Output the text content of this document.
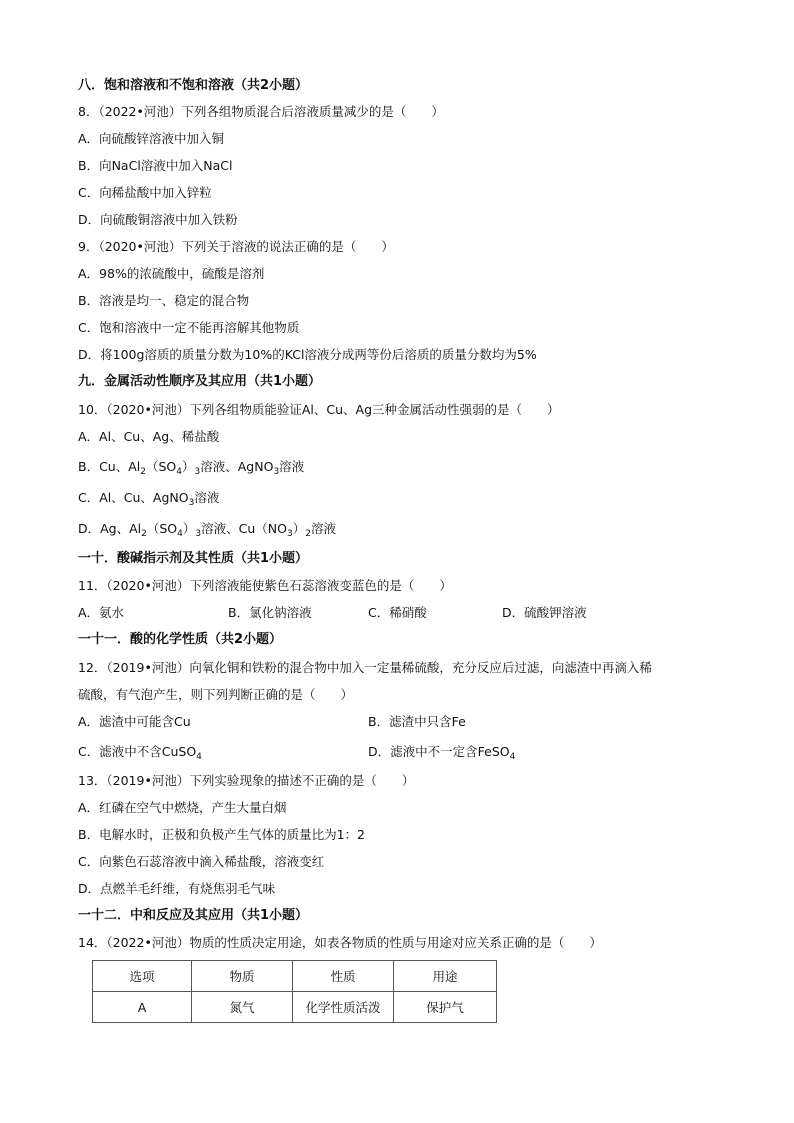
八．饱和溶液和不饱和溶液（共2小题）
8．（2022•河池）下列各组物质混合后溶液质量减少的是（　　）
A．向硫酸锌溶液中加入铜
B．向NaCl溶液中加入NaCl
C．向稀盐酸中加入锌粒
D．向硫酸铜溶液中加入铁粉
9．（2020•河池）下列关于溶液的说法正确的是（　　）
A．98%的浓硫酸中，硫酸是溶剂
B．溶液是均一、稳定的混合物
C．饱和溶液中一定不能再溶解其他物质
D．将100g溶质的质量分数为10%的KCl溶液分成两等份后溶质的质量分数均为5%
九．金属活动性顺序及其应用（共1小题）
10．（2020•河池）下列各组物质能验证Al、Cu、Ag三种金属活动性强弱的是（　　）
A．Al、Cu、Ag、稀盐酸
B．Cu、$Al_2(SO_4)_3$溶液、AgNO$_3$溶液
C．Al、Cu、AgNO$_3$溶液
D．Ag、$Al_2(SO_4)_3$溶液、$Cu(NO_3)_2$溶液
一十．酸碱指示剂及其性质（共1小题）
11．（2020•河池）下列溶液能使紫色石蕊溶液变蓝色的是（　　）
A．氨水	B．氯化钠溶液	C．稀硝酸	D．硫酸钾溶液
一十一．酸的化学性质（共2小题）
12．（2019•河池）向氧化铜和铁粉的混合物中加入一定量稀硫酸，充分反应后过滤，向滤渣中再滴入稀
硫酸，有气泡产生，则下列判断正确的是（　　）
A．滤渣中可能含Cu	B．滤渣中只含Fe
C．滤液中不含CuSO$_4$	D．滤液中不一定含FeSO$_4$
13．（2019•河池）下列实验现象的描述不正确的是（　　）
A．红磷在空气中燃烧，产生大量白烟
B．电解水时，正极和负极产生气体的质量比为1：2
C．向紫色石蕊溶液中滴入稀盐酸，溶液变红
D．点燃羊毛纤维，有烧焦羽毛气味
一十二．中和反应及其应用（共1小题）
14．（2022•河池）物质的性质决定用途，如表各物质的性质与用途对应关系正确的是（　　）
选项	物质	性质	用途
A	氮气	化学性质活泼	保护气
